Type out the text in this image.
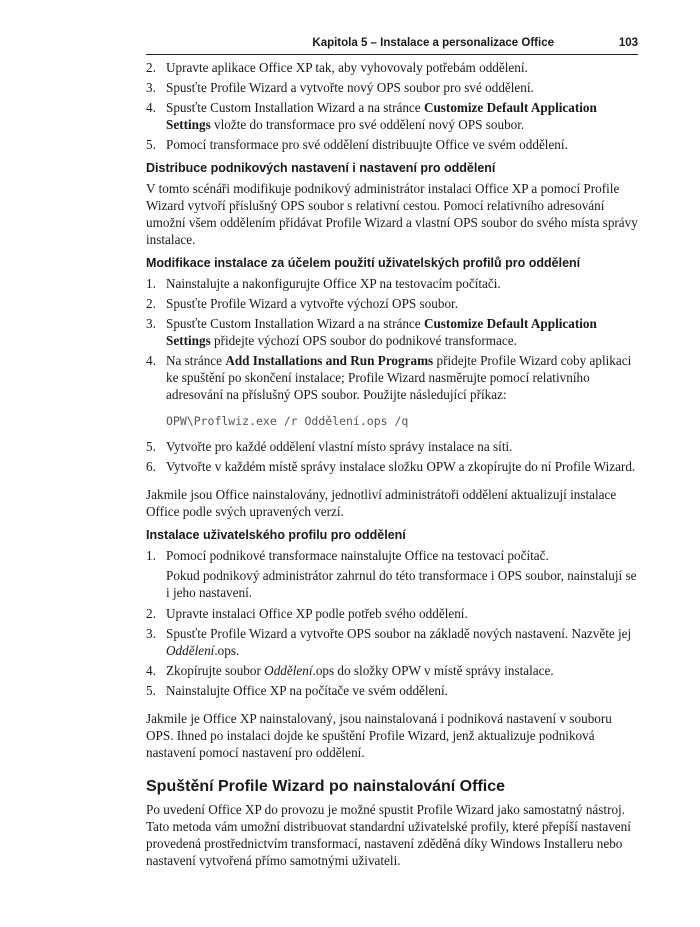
Kapitola 5 – Instalace a personalizace Office	103
2. Upravte aplikace Office XP tak, aby vyhovovaly potřebám oddělení.
3. Spusťte Profile Wizard a vytvořte nový OPS soubor pro své oddělení.
4. Spusťte Custom Installation Wizard a na stránce Customize Default Application Settings vložte do transformace pro své oddělení nový OPS soubor.
5. Pomocí transformace pro své oddělení distribuujte Office ve svém oddělení.
Distribuce podnikových nastavení i nastavení pro oddělení

V tomto scénáři modifikuje podnikový administrátor instalaci Office XP a pomocí Profile Wizard vytvoří příslušný OPS soubor s relativní cestou. Pomocí relativního adresování umožní všem oddělením přidávat Profile Wizard a vlastní OPS soubor do svého místa správy instalace.

Modifikace instalace za účelem použití uživatelských profilů pro oddělení
1. Nainstalujte a nakonfigurujte Office XP na testovacím počítači.
2. Spusťte Profile Wizard a vytvořte výchozí OPS soubor.
3. Spusťte Custom Installation Wizard a na stránce Customize Default Application Settings přidejte výchozí OPS soubor do podnikové transformace.
4. Na stránce Add Installations and Run Programs přidejte Profile Wizard coby aplikaci ke spuštění po skončení instalace; Profile Wizard nasměrujte pomocí relativního adresování na příslušný OPS soubor. Použijte následující příkaz:
OPW\Proflwiz.exe /r Oddělení.ops /q
5. Vytvořte pro každé oddělení vlastní místo správy instalace na síti.
6. Vytvořte v každém místě správy instalace složku OPW a zkopírujte do ní Profile Wizard.

Jakmile jsou Office nainstalovány, jednotliví administrátoři oddělení aktualizují instalace Office podle svých upravených verzí.

Instalace uživatelského profilu pro oddělení
1. Pomocí podnikové transformace nainstalujte Office na testovací počítač.
Pokud podnikový administrátor zahrnul do této transformace i OPS soubor, nainstalují se i jeho nastavení.
2. Upravte instalaci Office XP podle potřeb svého oddělení.
3. Spusťte Profile Wizard a vytvořte OPS soubor na základě nových nastavení. Nazvěte jej Oddělení.ops.
4. Zkopírujte soubor Oddělení.ops do složky OPW v místě správy instalace.
5. Nainstalujte Office XP na počítače ve svém oddělení.

Jakmile je Office XP nainstalovaný, jsou nainstalovaná i podniková nastavení v souboru OPS. Ihned po instalaci dojde ke spuštění Profile Wizard, jenž aktualizuje podniková nastavení pomocí nastavení pro oddělení.

Spuštění Profile Wizard po nainstalování Office

Po uvedení Office XP do provozu je možné spustit Profile Wizard jako samostatný nástroj. Tato metoda vám umožní distribuovat standardní uživatelské profily, které přepíší nastavení provedená prostřednictvím transformací, nastavení zděděná díky Windows Installeru nebo nastavení vytvořená přímo samotnými uživateli.
